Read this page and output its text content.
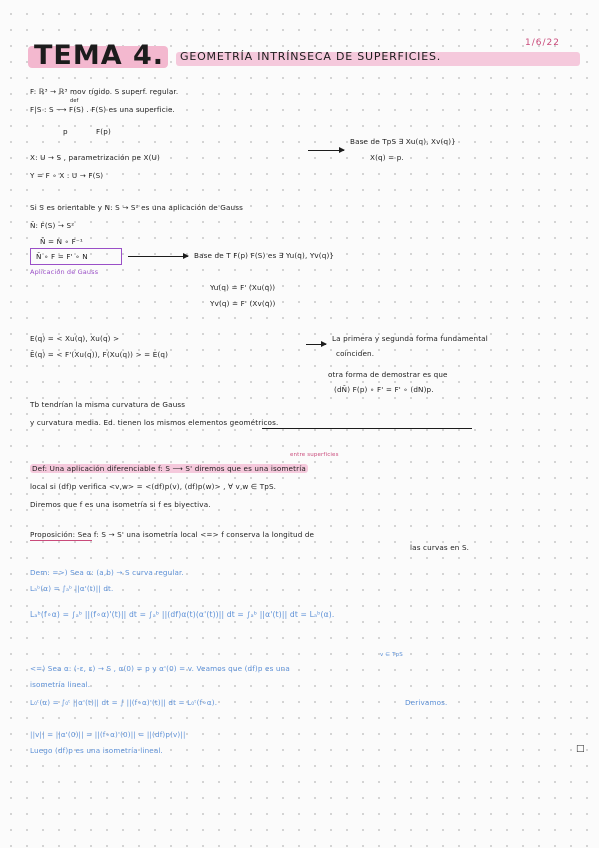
1/6/22
TEMA 4. GEOMETRÍA INTRÍNSECA DE SUPERFICIES.
F: ℝ³ → ℝ³ mov rígido. S superf. regular.
F|S : S ⟶ F(S) . F(S) es una superficie.
def
p	F(p)
Base de TpS ∃ Xu(q), Xv(q)}
X: U → S , parametrización pe X(U)	X(q) = p.
Y = F ∘ X : U → F(S)
Si S es orientable y N: S → S² es una aplicación de Gauss
Ñ: F(S) → S²
Ñ = N ∘ F⁻¹
Ñ ∘ F = F' ∘ N	Base de T F(p) F(S) es ∃ Yu(q), Yv(q)}
Aplicación de Gauss
Yu(q) = F' (Xu(q))
Yv(q) = F' (Xv(q))
E(q) = < Xu(q), Xu(q) >	La primera y segunda forma fundamental
Ẽ(q) = < F'(Xu(q)), F(Xu(q)) > = E(q)	coinciden.
otra forma de demostrar es que
(dÑ) F(p) ∘ F' = F' ∘ (dN)p.
Tb tendrían la misma curvatura de Gauss
y curvatura media. Ed. tienen los mismos elementos geométricos.
entre superficies
Def: Una aplicación diferenciable f: S ⟶ S' diremos que es una isometría
local si (df)p verifica <v,w> = <(df)p(v), (df)p(w)> , ∀ v,w ∈ TpS.
Diremos que f es una isometría si f es biyectiva.
Proposición: Sea f: S → S' una isometría local <=> f conserva la longitud de
las curvas en S.
Dem: =>) Sea α: (a,b) → S curva regular.
Lₐᵇ(α) = ∫ₐᵇ ||α'(t)|| dt.
Lₐᵇ(f∘α) = ∫ₐᵇ ||(f∘α)'(t)|| dt = ∫ₐᵇ ||(df)α(t)(α'(t))|| dt = ∫ₐᵇ ||α'(t)|| dt = Lₐᵇ(α).
v ∈ TpS
<=) Sea α: (-ε, ε) → S , α(0) = p y α'(0) = v. Veamos que (df)p es una
isometría lineal.
L₀ᵗ(α) = ∫₀ᵗ ||α'(t)|| dt = ∫ ||(f∘α)'(t)|| dt = L₀ᵗ(f∘α).	Derivamos.
||v|| = ||α'(0)|| = ||(f∘α)'(0)|| = ||(df)p(v)||
Luego (df)p es una isometría lineal.	□
